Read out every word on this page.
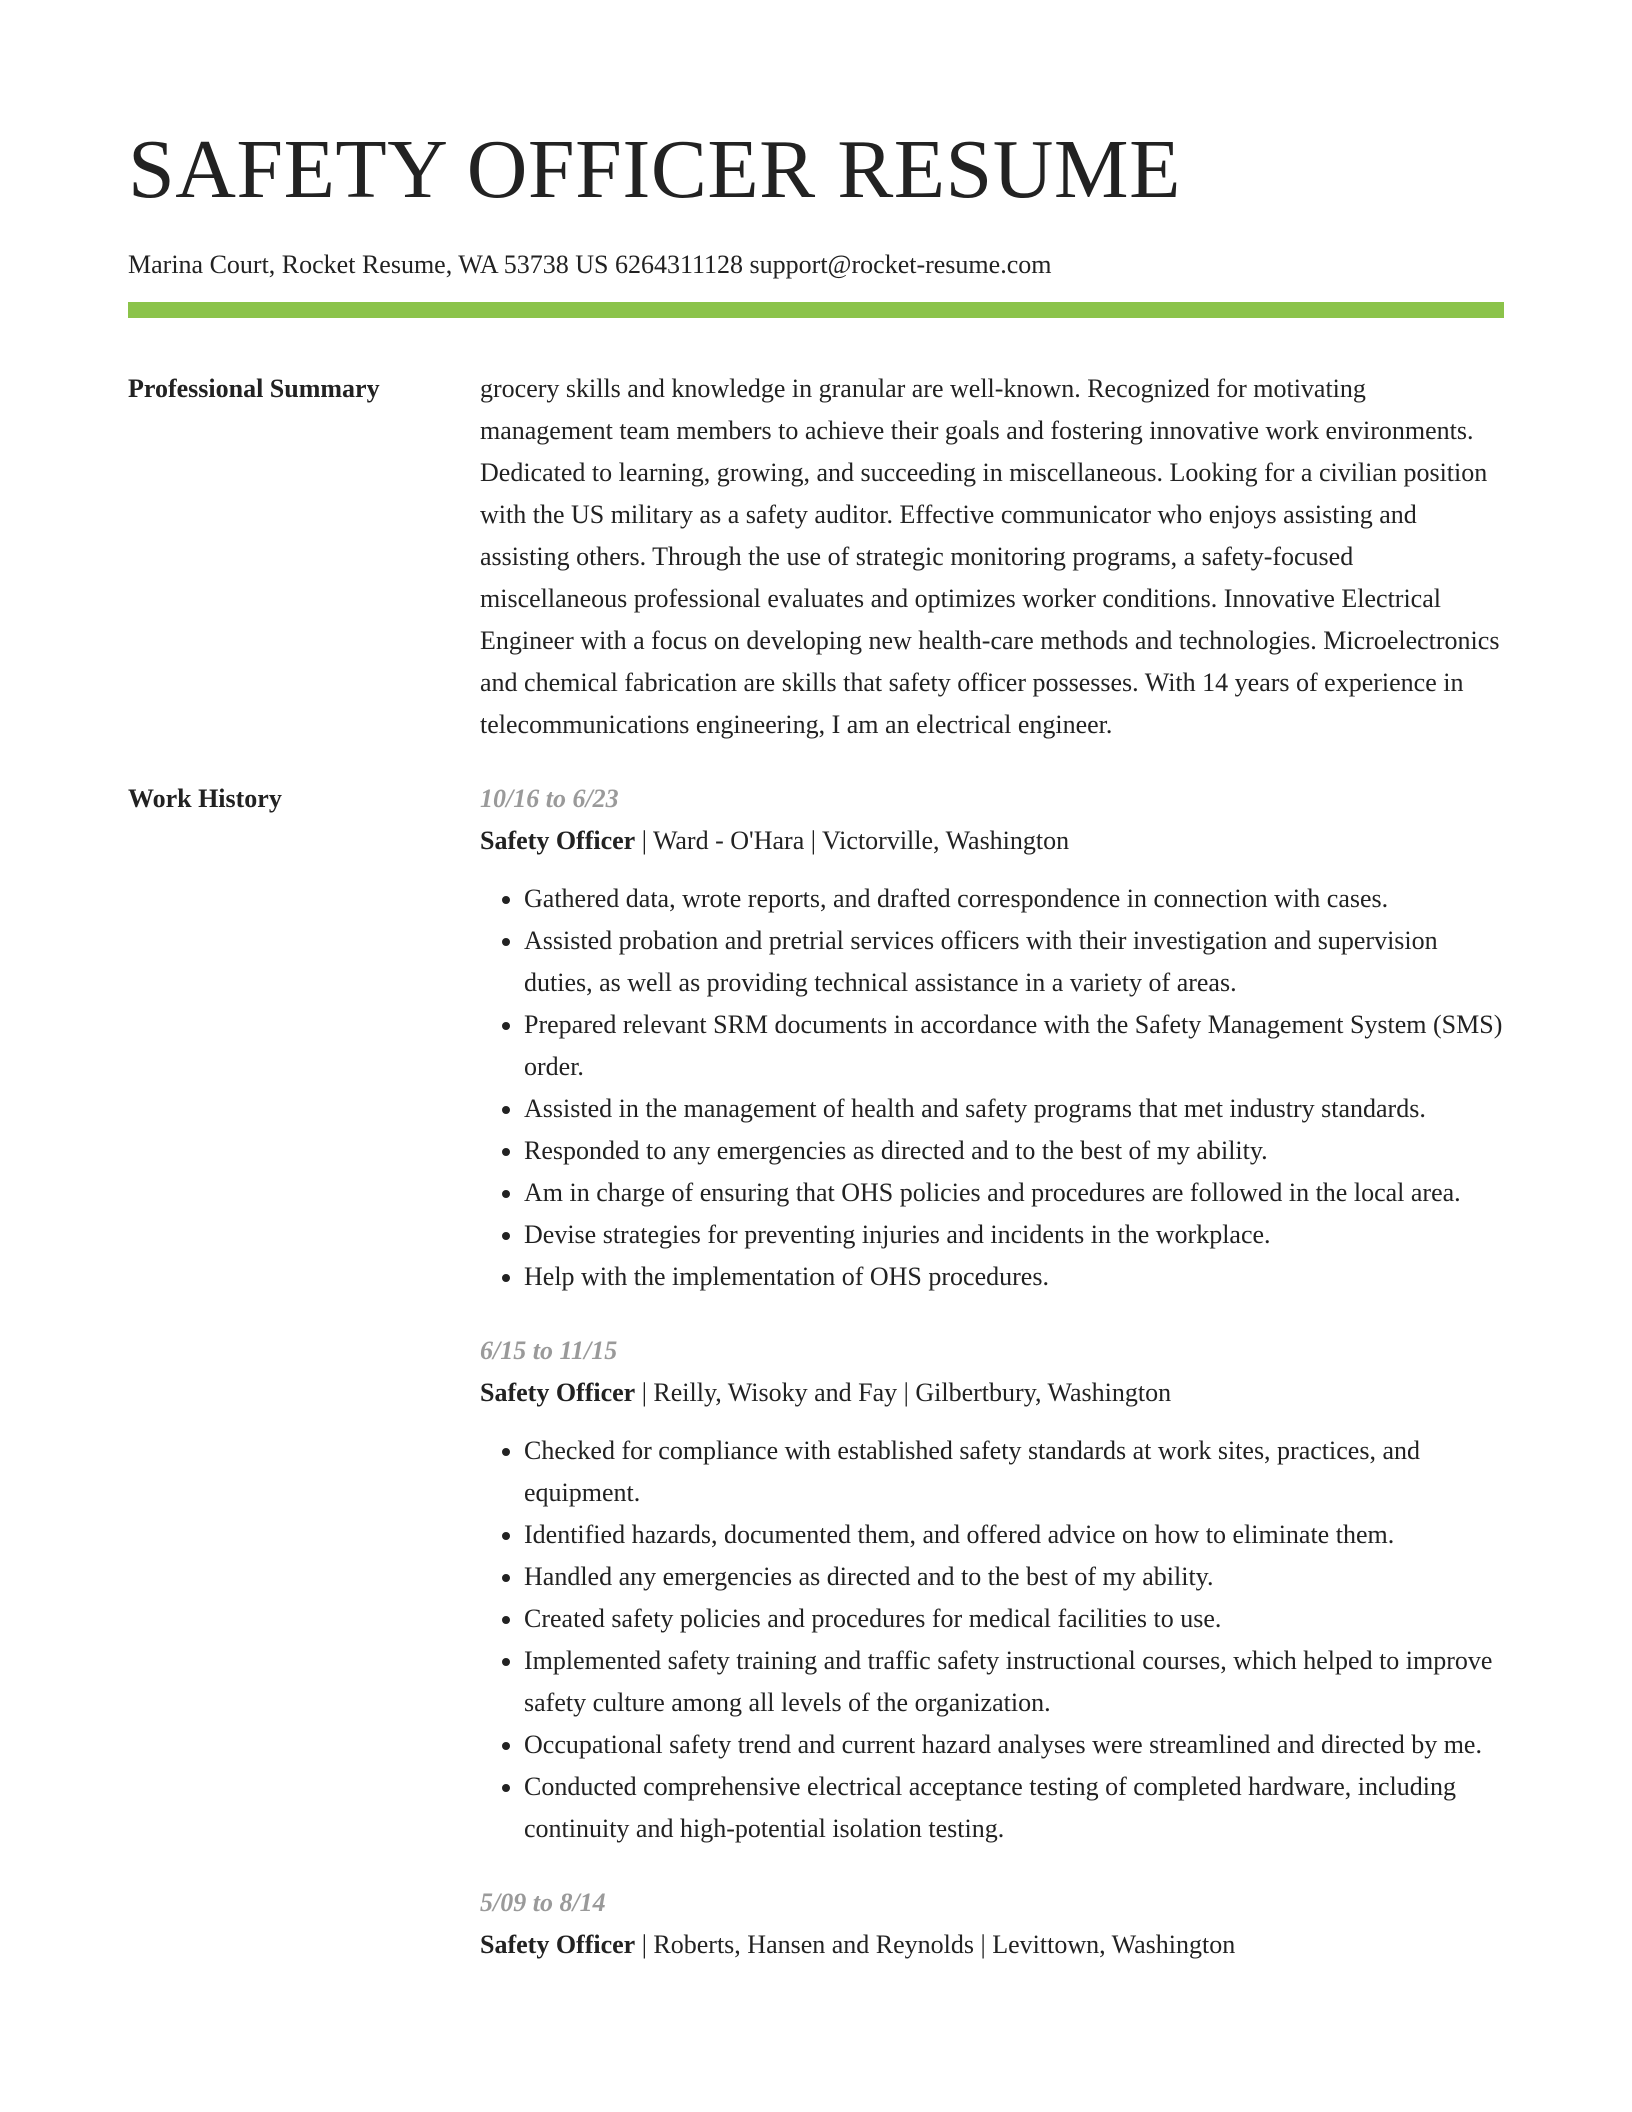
SAFETY OFFICER RESUME
Marina Court, Rocket Resume, WA 53738 US 6264311128 support@rocket-resume.com
Professional Summary	grocery skills and knowledge in granular are well-known. Recognized for motivating management team members to achieve their goals and fostering innovative work environments. Dedicated to learning, growing, and succeeding in miscellaneous. Looking for a civilian position with the US military as a safety auditor. Effective communicator who enjoys assisting and assisting others. Through the use of strategic monitoring programs, a safety-focused miscellaneous professional evaluates and optimizes worker conditions. Innovative Electrical Engineer with a focus on developing new health-care methods and technologies. Microelectronics and chemical fabrication are skills that safety officer possesses. With 14 years of experience in telecommunications engineering, I am an electrical engineer.

Work History	10/16 to 6/23
Safety Officer | Ward - O'Hara | Victorville, Washington
• Gathered data, wrote reports, and drafted correspondence in connection with cases.
• Assisted probation and pretrial services officers with their investigation and supervision duties, as well as providing technical assistance in a variety of areas.
• Prepared relevant SRM documents in accordance with the Safety Management System (SMS) order.
• Assisted in the management of health and safety programs that met industry standards.
• Responded to any emergencies as directed and to the best of my ability.
• Am in charge of ensuring that OHS policies and procedures are followed in the local area.
• Devise strategies for preventing injuries and incidents in the workplace.
• Help with the implementation of OHS procedures.
6/15 to 11/15
Safety Officer | Reilly, Wisoky and Fay | Gilbertbury, Washington
• Checked for compliance with established safety standards at work sites, practices, and equipment.
• Identified hazards, documented them, and offered advice on how to eliminate them.
• Handled any emergencies as directed and to the best of my ability.
• Created safety policies and procedures for medical facilities to use.
• Implemented safety training and traffic safety instructional courses, which helped to improve safety culture among all levels of the organization.
• Occupational safety trend and current hazard analyses were streamlined and directed by me.
• Conducted comprehensive electrical acceptance testing of completed hardware, including continuity and high-potential isolation testing.
5/09 to 8/14
Safety Officer | Roberts, Hansen and Reynolds | Levittown, Washington
